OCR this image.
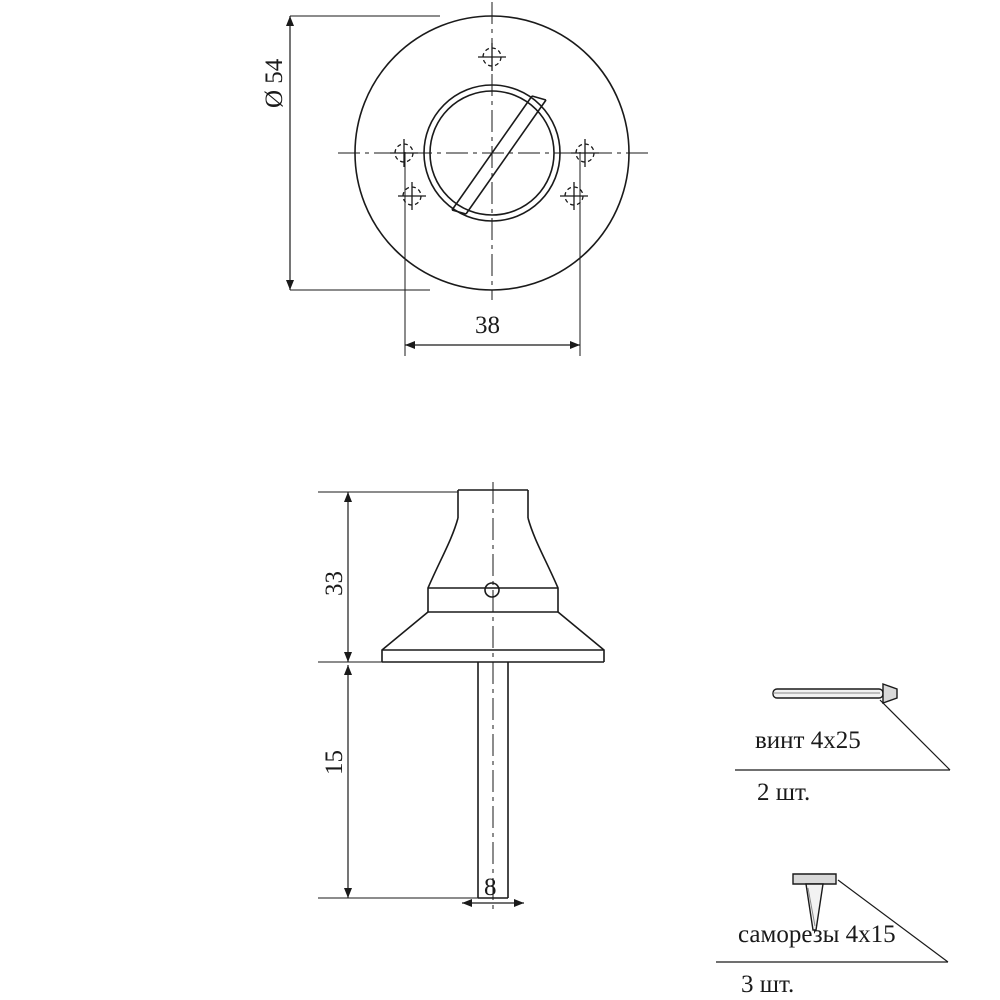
Ø 54
38
33
15
8
винт 4x25
2 шт.
саморезы 4x15
3 шт.
